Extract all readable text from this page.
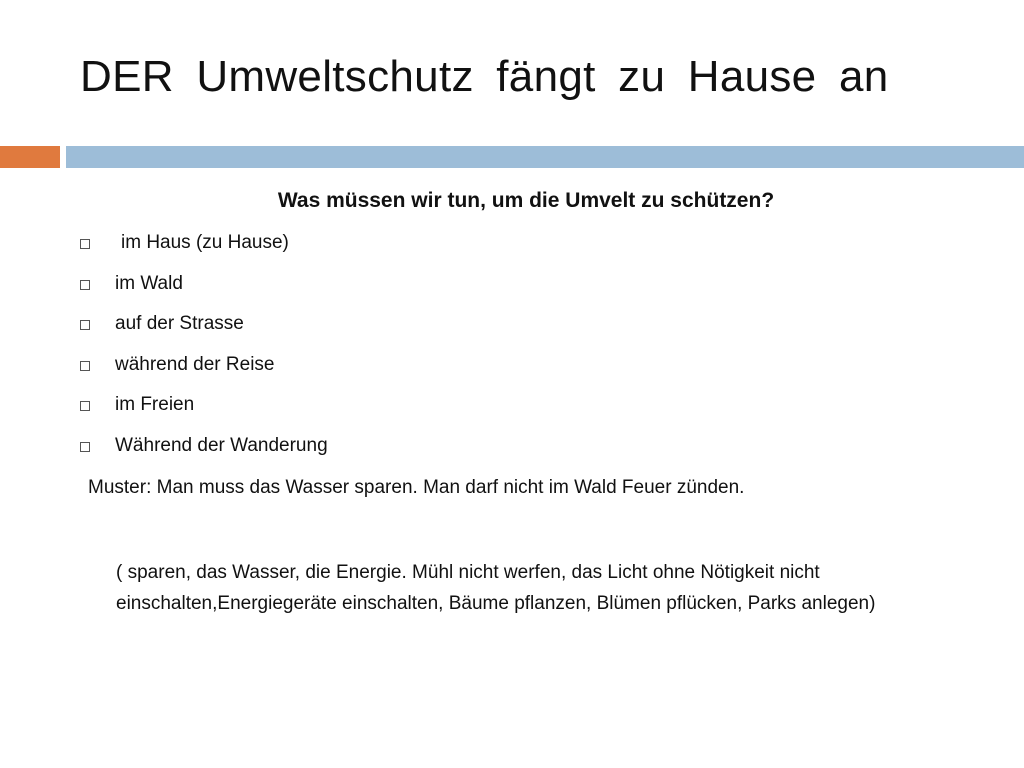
DER Umweltschutz fängt zu Hause an
Was müssen wir tun, um die Umvelt zu schützen?
im Haus (zu Hause)
im Wald
auf der Strasse
während der Reise
im Freien
Während der Wanderung
Muster: Man muss das Wasser sparen. Man darf nicht im Wald Feuer zünden.
( sparen, das Wasser, die Energie. Mühl nicht werfen, das Licht ohne Nötigkeit nicht einschalten,Energiegeräte einschalten, Bäume pflanzen, Blümen pflücken, Parks anlegen)
